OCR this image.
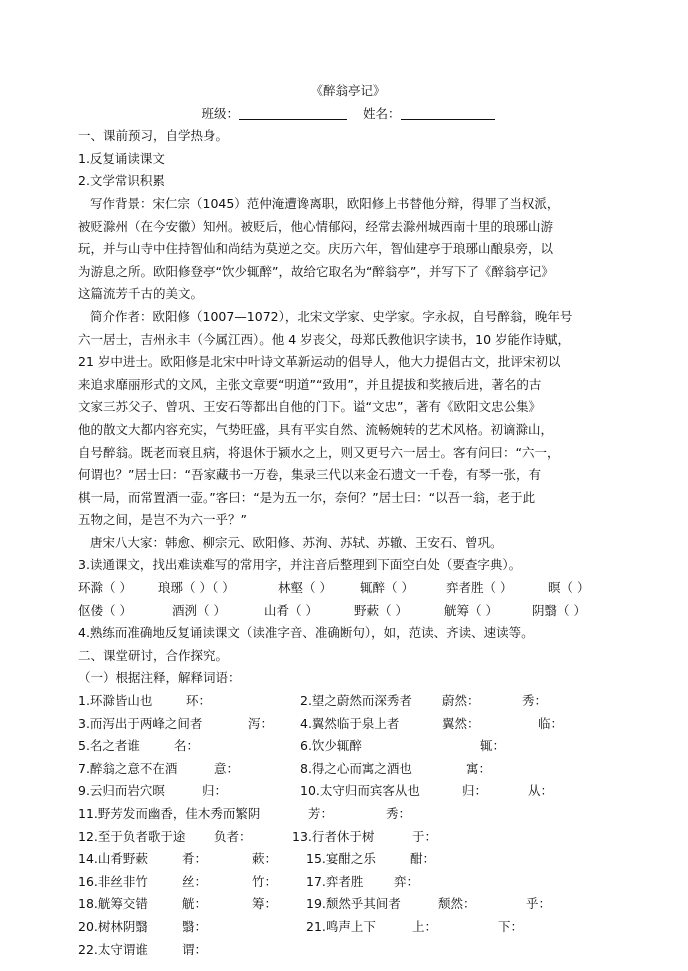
《醉翁亭记》
班级：	姓名：
一、课前预习，自学热身。
1.反复诵读课文
2.文学常识积累
写作背景：宋仁宗（1045）范仲淹遭谗离职，欧阳修上书替他分辩，得罪了当权派，
被贬滁州（在今安徽）知州。被贬后，他心情郁闷，经常去滁州城西南十里的琅琊山游
玩，并与山寺中住持智仙和尚结为莫逆之交。庆历六年，智仙建亭于琅琊山酿泉旁，以
为游息之所。欧阳修登亭“饮少辄醉”，故给它取名为“醉翁亭”，并写下了《醉翁亭记》
这篇流芳千古的美文。
简介作者：欧阳修（1007—1072），北宋文学家、史学家。字永叔，自号醉翁，晚年号
六一居士，吉州永丰（今属江西）。他 4 岁丧父，母郑氏教他识字读书，10 岁能作诗赋，
21 岁中进士。欧阳修是北宋中叶诗文革新运动的倡导人，他大力提倡古文，批评宋初以
来追求靡丽形式的文风，主张文章要“明道”“致用”，并且提拔和奖掖后进，著名的古
文家三苏父子、曾巩、王安石等都出自他的门下。谥“文忠”，著有《欧阳文忠公集》
他的散文大都内容充实，气势旺盛，具有平实自然、流畅婉转的艺术风格。初谪滁山，
自号醉翁。既老而衰且病，将退休于颍水之上，则又更号六一居士。客有问曰：“六一，
何谓也？”居士曰：“吾家藏书一万卷，集录三代以来金石遗文一千卷，有琴一张，有
棋一局，而常置酒一壶。”客曰：“是为五一尔，奈何？”居士曰：“以吾一翁，老于此
五物之间，是岂不为六一乎？”
唐宋八大家：韩愈、柳宗元、欧阳修、苏洵、苏轼、苏辙、王安石、曾巩。
3.读通课文，找出难读难写的常用字，并注音后整理到下面空白处（要查字典）。
环滁（ ） 琅琊（ ）（ ）	林壑（ ） 辄醉（ ）	弈者胜（ ）	暝（ ）
伛偻（ ）	酒洌（ ）	山肴（ ）	野蔌（ ）	觥筹（ ）	阴翳（ ）
4.熟练而准确地反复诵读课文（读准字音、准确断句），如，范读、齐读、速读等。
二、课堂研讨，合作探究。
（一）根据注释，解释词语：
1.环滁皆山也	环：	2.望之蔚然而深秀者 蔚然：	秀：
3.而泻出于两峰之间者	泻： 4.翼然临于泉上者	翼然：	临：
5.名之者谁	名：	6.饮少辄醉	辄：
7.醉翁之意不在酒	意：	8.得之心而寓之酒也	寓：
9.云归而岩穴暝	归：	10.太守归而宾客从也	归：	从：
11.野芳发而幽香，佳木秀而繁阴	芳：	秀：
12.至于负者歌于途 负者：	13.行者休于树	于：
14.山肴野蔌	肴：	蔌： 15.宴酣之乐	酣：
16.非丝非竹	丝：	竹： 17.弈者胜 弈：
18.觥筹交错	觥：	筹： 19.颓然乎其间者	颓然：	乎：
20.树林阴翳	翳：	21.鸣声上下	上：	下：
22.太守谓谁	谓：
